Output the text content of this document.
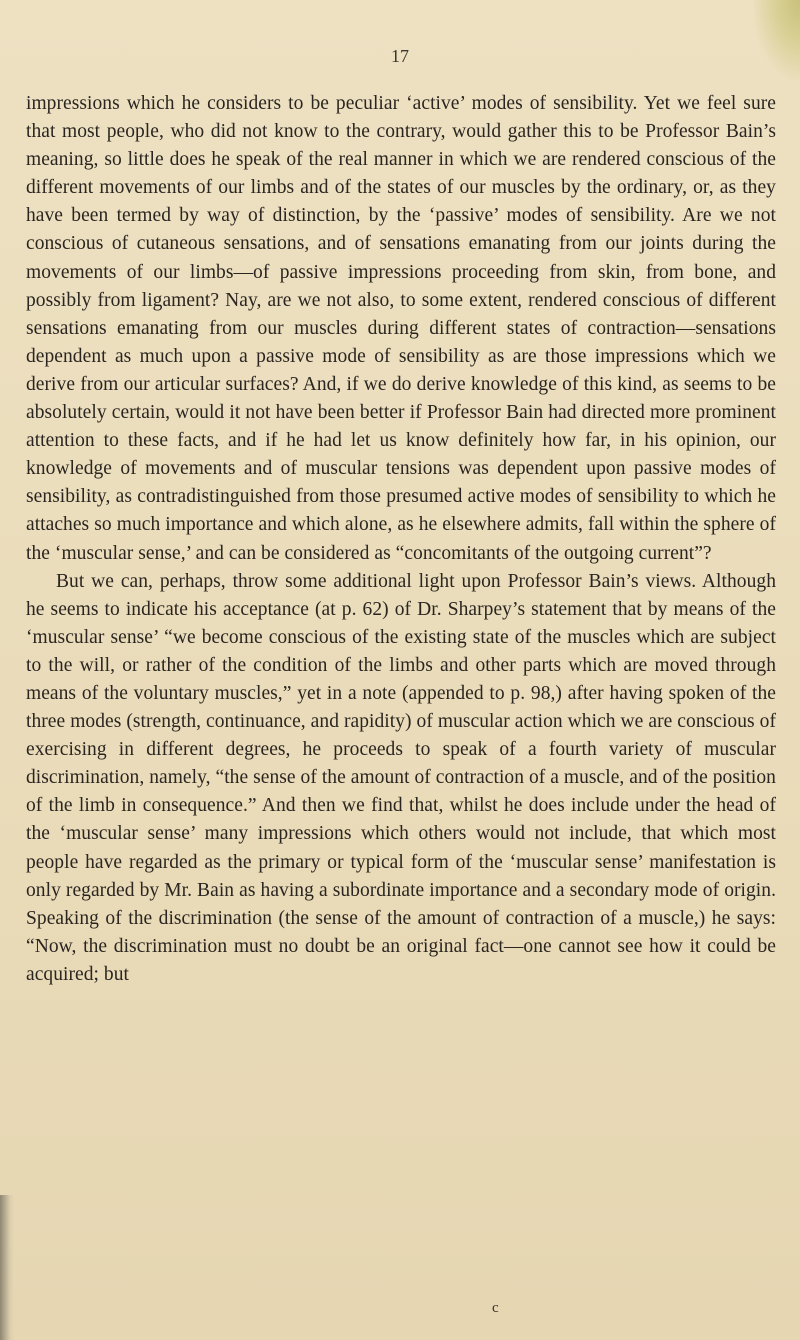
17

impressions which he considers to be peculiar ‘active’ modes of sensibility. Yet we feel sure that most people, who did not know to the contrary, would gather this to be Professor Bain’s meaning, so little does he speak of the real manner in which we are rendered conscious of the different movements of our limbs and of the states of our muscles by the ordinary, or, as they have been termed by way of distinction, by the ‘passive’ modes of sensibility. Are we not conscious of cutaneous sensations, and of sensations emanating from our joints during the movements of our limbs—of passive impressions proceeding from skin, from bone, and possibly from ligament? Nay, are we not also, to some extent, rendered conscious of different sensations emanating from our muscles during different states of contraction—sensations dependent as much upon a passive mode of sensibility as are those impressions which we derive from our articular surfaces? And, if we do derive knowledge of this kind, as seems to be absolutely certain, would it not have been better if Professor Bain had directed more prominent attention to these facts, and if he had let us know definitely how far, in his opinion, our knowledge of movements and of muscular tensions was dependent upon passive modes of sensibility, as contradistinguished from those presumed active modes of sensibility to which he attaches so much importance and which alone, as he elsewhere admits, fall within the sphere of the ‘muscular sense,’ and can be considered as “concomitants of the outgoing current”?

But we can, perhaps, throw some additional light upon Professor Bain’s views. Although he seems to indicate his acceptance (at p. 62) of Dr. Sharpey’s statement that by means of the ‘muscular sense’ “we become conscious of the existing state of the muscles which are subject to the will, or rather of the condition of the limbs and other parts which are moved through means of the voluntary muscles,” yet in a note (appended to p. 98,) after having spoken of the three modes (strength, continuance, and rapidity) of muscular action which we are conscious of exercising in different degrees, he proceeds to speak of a fourth variety of muscular discrimination, namely, “the sense of the amount of contraction of a muscle, and of the position of the limb in consequence.” And then we find that, whilst he does include under the head of the ‘muscular sense’ many impressions which others would not include, that which most people have regarded as the primary or typical form of the ‘muscular sense’ manifestation is only regarded by Mr. Bain as having a subordinate importance and a secondary mode of origin. Speaking of the discrimination (the sense of the amount of contraction of a muscle,) he says: “Now, the discrimination must no doubt be an original fact—one cannot see how it could be acquired; but

c
